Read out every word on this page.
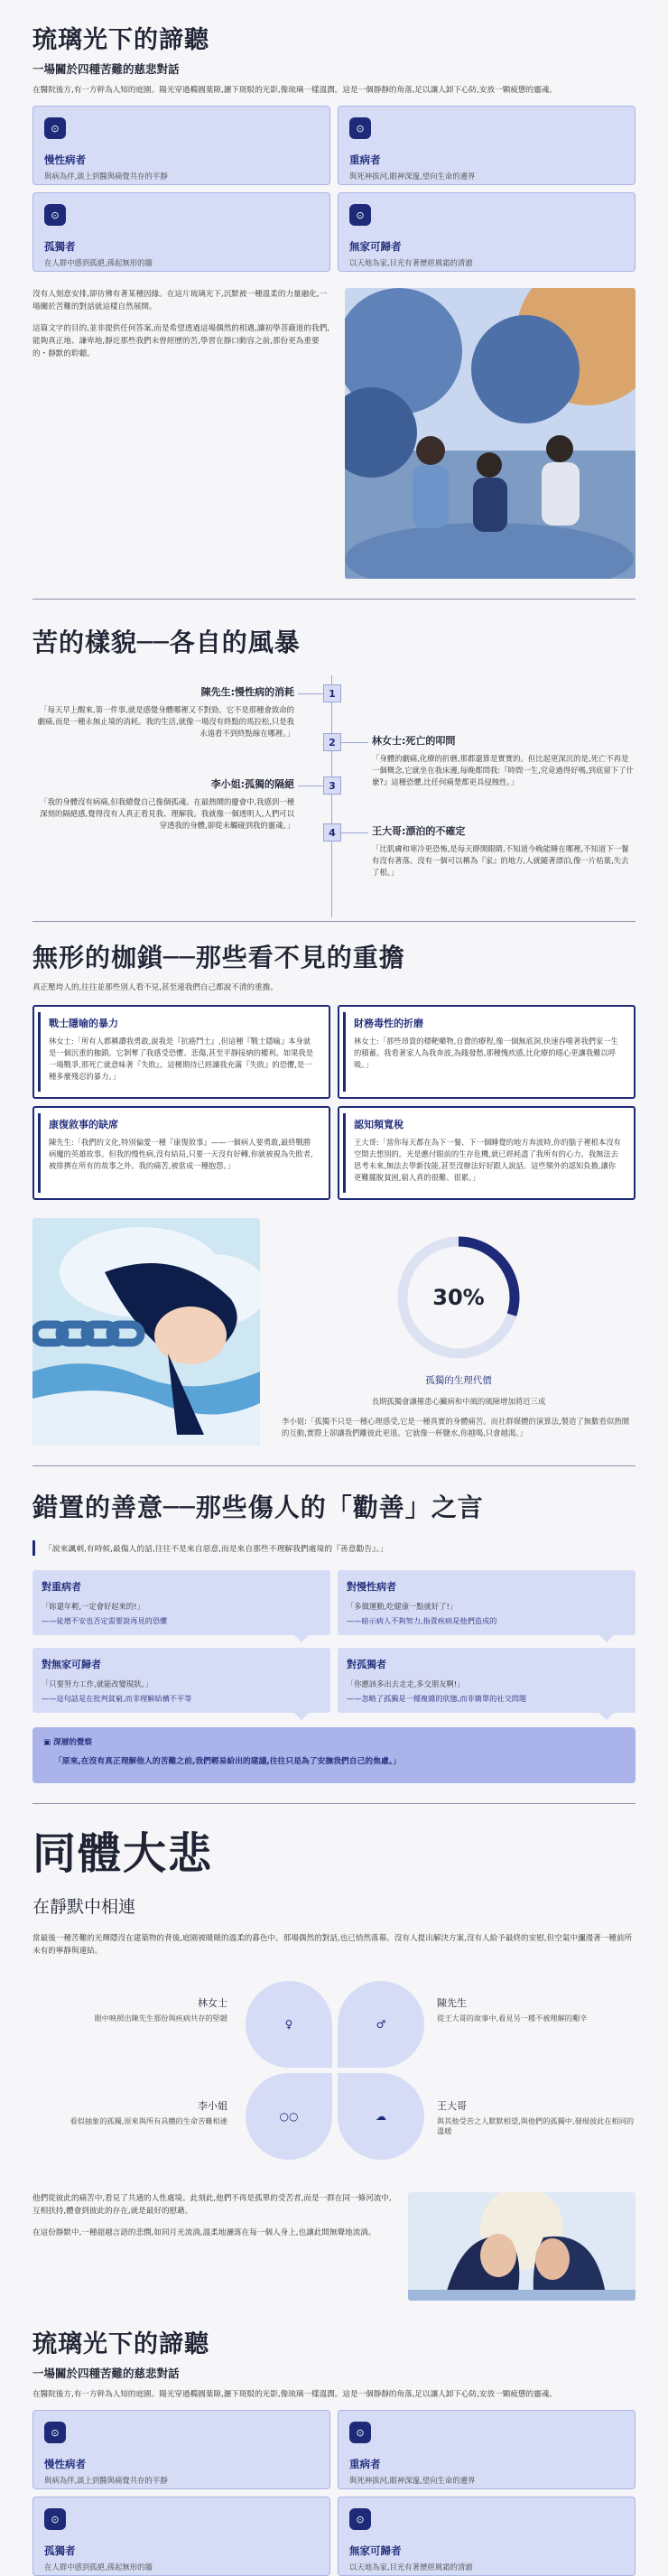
琉璃光下的諦聽
一場關於四種苦難的慈悲對話

在醫院後方,有一方幹為人知的庭園。陽光穿過橢圓葉隙,灑下斑駁的光影,像琉璃一樣溫潤。這是一個靜靜的角落,足以讓人卸下心防,安放一顆疲憊的靈魂。

⊙
慢性病者
與病為伴,談上到醫與痛覺共存的平靜
⊙
重病者
與死神拔河,眼神深邃,望向生命的邊界
⊙
孤獨者
在人群中感到孤絕,孫起無形的牆
⊙
無家可歸者
以天地為家,目光有著歷經風霜的清澈

沒有人刻意安排,卻彷彿有著某種因緣。在這片琉璃光下,沉默被一種溫柔的力量融化,一場關於苦難的對話就這樣自然展開。

這篇文字的目的,並非提供任何答案,而是希望透過這場偶然的相遇,讓初學菩薩道的我們,能夠真正地、謙卑地,靜近那些我們未曾經歷的苦,學習在靜口動容之前,那份更為重要的・靜默的聆聽。

苦的樣貌──各自的風暴
1
陳先生:慢性病的消耗
「每天早上醒來,第一件事,就是感覺身體哪裡又不對勁。它不是那種會致命的劇痛,而是一種永無止境的消耗。我的生活,就像一場沒有終點的馬拉松,只是我永遠看不到終點線在哪裡。」
2	林女士:死亡的叩問
「身體的劇痛,化療的折磨,那都還算是實實的。但比起更深沉的是,死亡不再是一個概念,它就坐在我床邊,每晚都問我:『時間一生,究竟過得好嗎,到底留下了什麼?』這種恐懼,比任何痛楚都更具侵蝕性。」
3
李小姐:孤獨的隔絕
「我的身體沒有病痛,但我總覺自己像個孤魂。在最熱鬧的慶會中,我感到一種深刻的隔絕感,覺得沒有人真正看見我、理解我。我就像一個透明人,人們可以穿透我的身體,卻從未觸碰到我的靈魂。」
4	王大哥:漂泊的不確定
「比肌膚和寒冷更恐怖,是每天睜開眼睛,不知道今晚能睡在哪裡,不知道下一餐有沒有著落。沒有一個可以稱為『家』的地方,人就隨著漂泊,像一片枯葉,失去了根。」
無形的枷鎖──那些看不見的重擔

真正壓垮人的,往往並那些別人看不見,甚至連我們自己都說不清的重擔。

戰士隱喻的暴力
林女士:「所有人都稱讚我勇敢,說我是『抗癌鬥士』,但這種『戰士隱喻』本身就是一個沉重的枷鎖。它剝奪了我感受恐懼、悲傷,甚至平靜接納的權利。如果我是一場戰爭,那死亡就意味著『失敗』。這種期待已經讓我充滿『失敗』的恐懼,是一種多麼殘忍的暴力。」
財務毒性的折磨
林女士:「那些昂貴的標靶藥物,自費的療程,像一個無底洞,快速吞噬著我們家一生的積蓄。我看著家人為我奔波,為錢發愁,那種愧疚感,比化療的噁心更讓我難以呼吸。」
康復敘事的缺席
陳先生:「我們的文化,特別偏愛一種『康復敘事』——一個病人要勇敢,最終戰勝病魔的英雄故事。但我的慢性病,沒有結局,只要一天沒有好轉,你就被視為失敗者,被排擠在所有的故事之外。我的痛苦,被當成一種抱怨。」
認知頻寬稅
王大哥:「當你每天都在為下一餐、下一個睡覺的地方奔波時,你的腦子裡根本沒有空間去想別的。光是應付眼前的生存危機,就已經耗盡了我所有的心力。我無法去思考未來,無法去學新技能,甚至沒辦法好好跟人說話。這些額外的認知負擔,讓你更難擺脫貧困,窮人真的很難、很累。」
30%
孤獨的生理代價
長期孤獨會讓罹患心臟病和中風的風險增加將近三成
李小姐:「孤獨不只是一種心理感受,它是一種真實的身體痛苦。而社群媒體的演算法,製造了無數看似熱鬧的互動,實際上卻讓我們離彼此更遠。它就像一杯鹽水,你越喝,只會越渴。」
錯置的善意──那些傷人的「勸善」之言
「說來諷刺,有時候,最傷人的話,往往不是來自惡意,而是來自那些不理解我們處境的『善意勸告』。」
對重病者
「妳還年輕,一定會好起來的!」
——徒增不安也否定需要說再見的恐懼
對慢性病者
「多做運動,吃健康一點就好了!」
——暗示病人不夠努力,指責疾病是他們造成的
對無家可歸者
「只要努力工作,就能改變現狀。」
——這句話是在批判貧窮,而非理解結構不平等
對孤獨者
「你應該多出去走走,多交朋友啊!」
——忽略了孤獨是一種複雜的狀態,而非簡單的社交問題
▣ 深層的覺察
「原來,在沒有真正理解他人的苦難之前,我們輕易給出的建議,往往只是為了安撫我們自己的焦慮。」
同體大悲
在靜默中相連

當最後一種苦難的光輝隱沒在建築物的背後,庭園被暖暖的溫柔的暮色中。那場偶然的對話,也已悄然落幕。沒有人提出解決方案,沒有人給予最終的安慰,但空氣中瀰漫著一種前所未有的寧靜與連結。

♀	♂
○○	☁
林女士
眼中映照出陳先生那份與疾病共存的堅韌
陳先生
從王大哥的故事中,看見另一種不被理解的艱辛
李小姐
看似抽象的孤獨,原來與所有具體的生命苦難相連
王大哥
與其他受苦之人默默相望,與他們的孤獨中,發現彼此在相同的溫暖

他們從彼此的痛苦中,看見了共通的人性處境。此刻此,他們不再是孤單的受苦者,而是一群在同一條河流中,互相扶持,體會到彼此的存在,就是最好的慰藉。

在這份靜默中,一種超越言語的悲憫,如同月光流淌,溫柔地灑落在每一個人身上,也讓此間無聲地流淌。

琉璃光下的諦聽
一場關於四種苦難的慈悲對話

在醫院後方,有一方幹為人知的庭園。陽光穿過橢圓葉隙,灑下斑駁的光影,像琉璃一樣溫潤。這是一個靜靜的角落,足以讓人卸下心防,安放一顆疲憊的靈魂。

⊙
慢性病者
與病為伴,談上到醫與痛覺共存的平靜
⊙
重病者
與死神拔河,眼神深邃,望向生命的邊界
⊙
孤獨者
在人群中感到孤絕,孫起無形的牆
⊙
無家可歸者
以天地為家,目光有著歷經風霜的清澈
